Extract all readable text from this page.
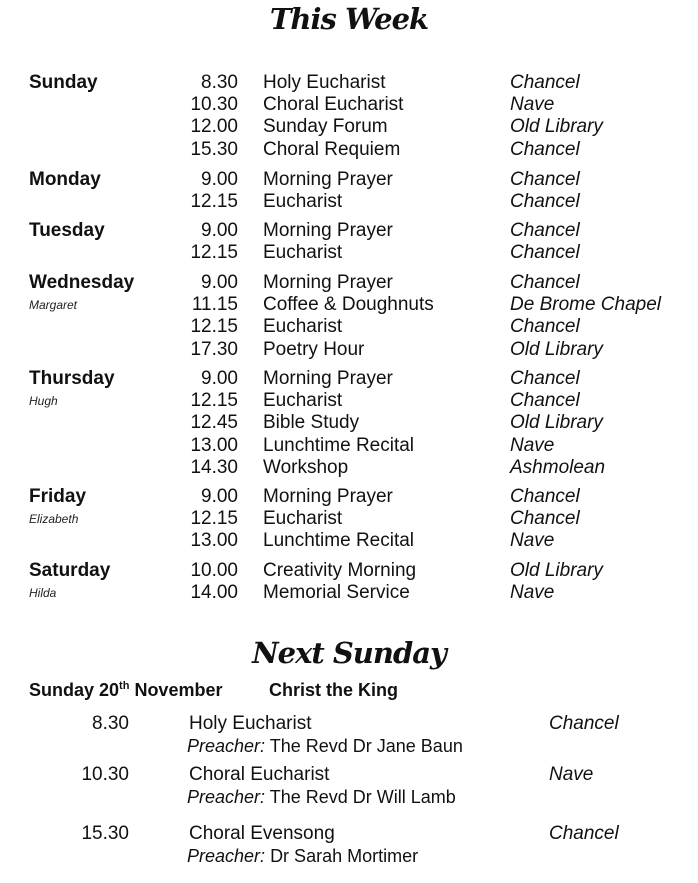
This Week
Sunday	8.30 Holy Eucharist	Chancel
10.30 Choral Eucharist	Nave
12.00 Sunday Forum	Old Library
15.30 Choral Requiem	Chancel
Monday	9.00 Morning Prayer	Chancel
12.15 Eucharist	Chancel
Tuesday	9.00 Morning Prayer	Chancel
12.15 Eucharist	Chancel
Wednesday
Margaret
9.00 Morning Prayer	Chancel
11.15 Coffee & Doughnuts	De Brome Chapel
12.15 Eucharist	Chancel
17.30 Poetry Hour	Old Library
Thursday
Hugh
9.00 Morning Prayer	Chancel
12.15 Eucharist	Chancel
12.45 Bible Study	Old Library
13.00 Lunchtime Recital	Nave
14.30 Workshop	Ashmolean
Friday
Elizabeth
9.00 Morning Prayer	Chancel
12.15 Eucharist	Chancel
13.00 Lunchtime Recital	Nave
Saturday
Hilda
10.00 Creativity Morning	Old Library
14.00 Memorial Service	Nave
Next Sunday
Sunday 20th November	Christ the King
8.30	Holy Eucharist	Chancel
Preacher: The Revd Dr Jane Baun
10.30	Choral Eucharist	Nave
Preacher: The Revd Dr Will Lamb
15.30	Choral Evensong	Chancel
Preacher: Dr Sarah Mortimer
